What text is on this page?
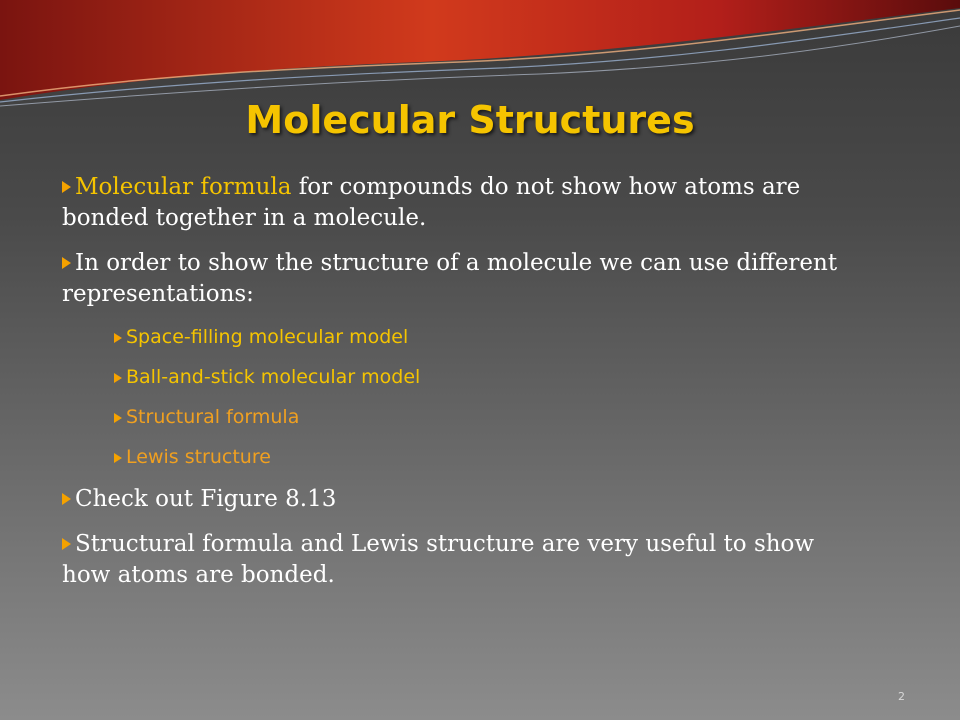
Molecular Structures

Molecular formula for compounds do not show how atoms are bonded together in a molecule.

In order to show the structure of a molecule we can use different representations:

Space-filling molecular model

Ball-and-stick molecular model

Structural formula

Lewis structure

Check out Figure 8.13

Structural formula and Lewis structure are very useful to show how atoms are bonded.

2
